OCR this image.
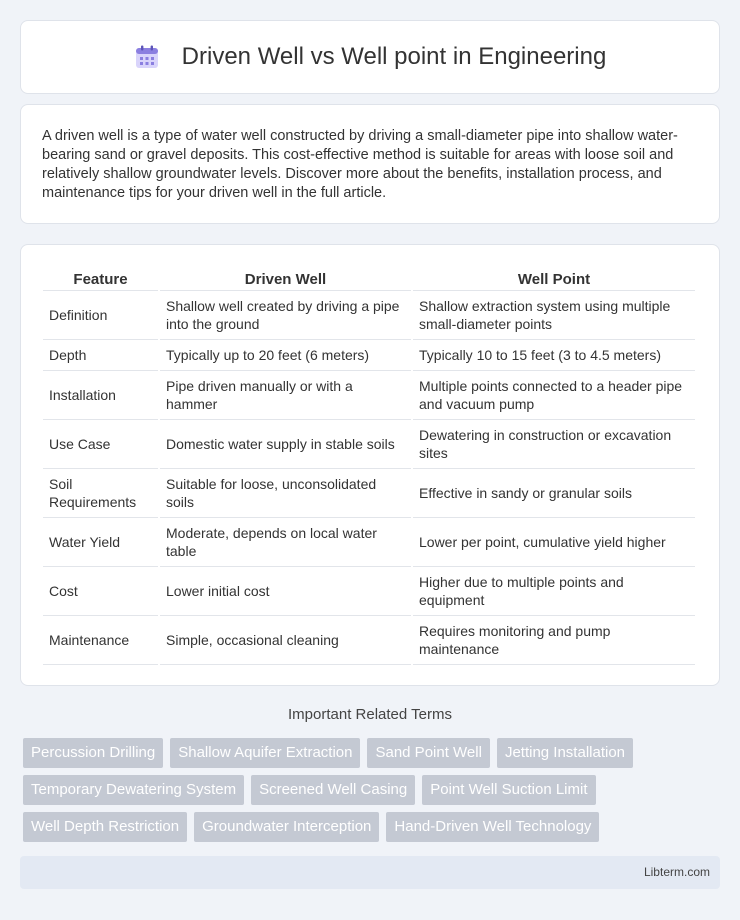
Driven Well vs Well point in Engineering

A driven well is a type of water well constructed by driving a small-diameter pipe into shallow water-bearing sand or gravel deposits. This cost-effective method is suitable for areas with loose soil and relatively shallow groundwater levels. Discover more about the benefits, installation process, and maintenance tips for your driven well in the full article.

Feature	Driven Well	Well Point
Definition	Shallow well created by driving a pipe into the ground	Shallow extraction system using multiple small-diameter points
Depth	Typically up to 20 feet (6 meters)	Typically 10 to 15 feet (3 to 4.5 meters)
Installation	Pipe driven manually or with a hammer	Multiple points connected to a header pipe and vacuum pump
Use Case	Domestic water supply in stable soils	Dewatering in construction or excavation sites
Soil Requirements	Suitable for loose, unconsolidated soils	Effective in sandy or granular soils
Water Yield	Moderate, depends on local water table	Lower per point, cumulative yield higher
Cost	Lower initial cost	Higher due to multiple points and equipment
Maintenance	Simple, occasional cleaning	Requires monitoring and pump maintenance
Important Related Terms
Percussion Drilling	Shallow Aquifer Extraction	Sand Point Well	Jetting Installation
Temporary Dewatering System	Screened Well Casing	Point Well Suction Limit
Well Depth Restriction	Groundwater Interception	Hand-Driven Well Technology
Libterm.com
